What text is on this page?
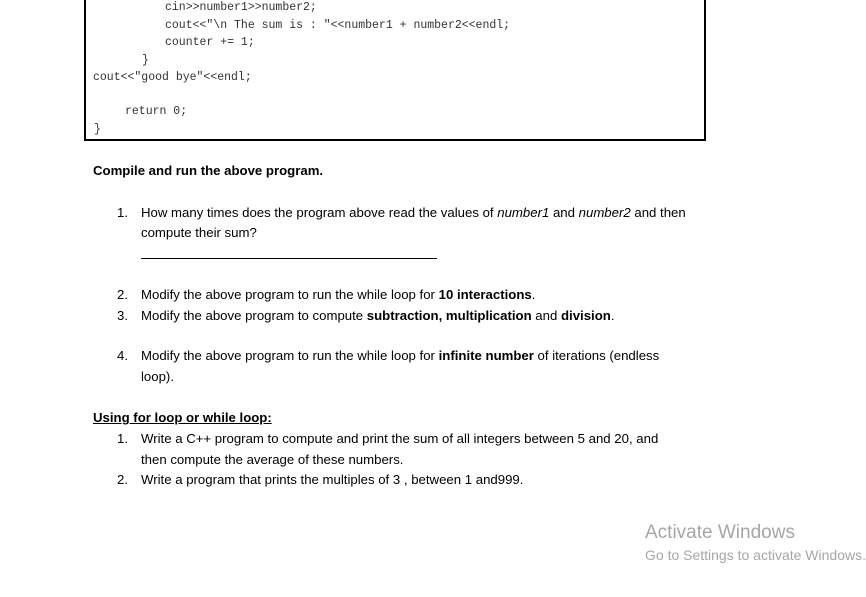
cin>>number1>>number2;
cout<<"\n The sum is : "<<number1 + number2<<endl;
counter += 1;
}
cout<<"good bye"<<endl;
return 0;
}
Compile and run the above program.
1. How many times does the program above read the values of number1 and number2 and then
compute their sum?
2. Modify the above program to run the while loop for 10 interactions.
3. Modify the above program to compute subtraction, multiplication and division.
4. Modify the above program to run the while loop for infinite number of iterations (endless
loop).
Using for loop or while loop:
1. Write a C++ program to compute and print the sum of all integers between 5 and 20, and
then compute the average of these numbers.
2. Write a program that prints the multiples of 3 , between 1 and999.
Activate Windows
Go to Settings to activate Windows.
